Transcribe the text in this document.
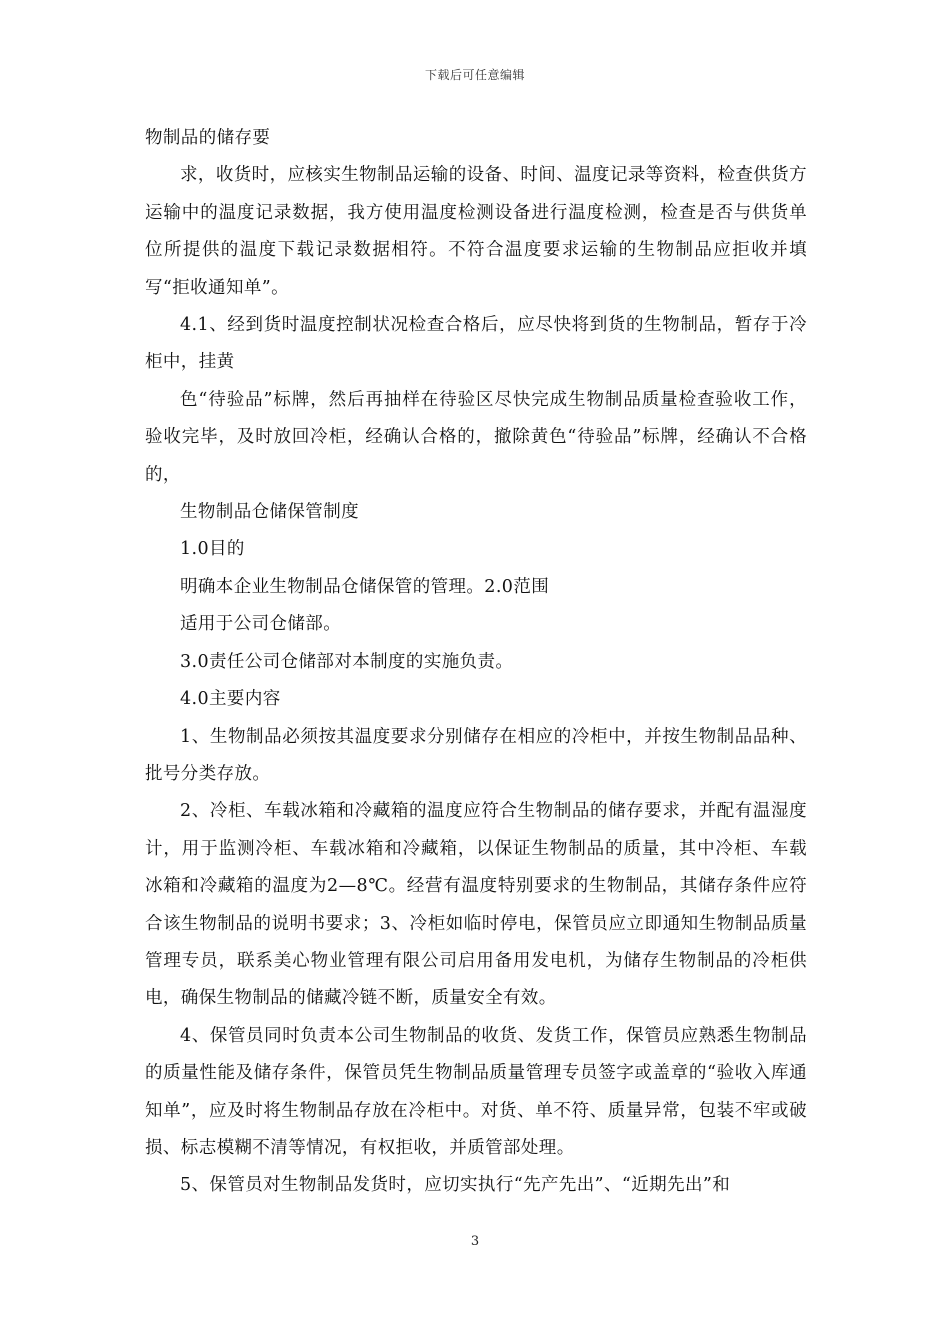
下载后可任意编辑

物制品的储存要

求，收货时，应核实生物制品运输的设备、时间、温度记录等资料，检查供货方运输中的温度记录数据，我方使用温度检测设备进行温度检测，检查是否与供货单位所提供的温度下载记录数据相符。不符合温度要求运输的生物制品应拒收并填写“拒收通知单”。

4.1、经到货时温度控制状况检查合格后，应尽快将到货的生物制品，暂存于冷柜中，挂黄

色“待验品”标牌，然后再抽样在待验区尽快完成生物制品质量检查验收工作，验收完毕，及时放回冷柜，经确认合格的，撤除黄色“待验品”标牌，经确认不合格的，

生物制品仓储保管制度

1.0目的

明确本企业生物制品仓储保管的管理。2.0范围

适用于公司仓储部。

3.0责任公司仓储部对本制度的实施负责。

4.0主要内容

1、生物制品必须按其温度要求分别储存在相应的冷柜中，并按生物制品品种、批号分类存放。

2、冷柜、车载冰箱和冷藏箱的温度应符合生物制品的储存要求，并配有温湿度计，用于监测冷柜、车载冰箱和冷藏箱，以保证生物制品的质量，其中冷柜、车载冰箱和冷藏箱的温度为2—8℃。经营有温度特别要求的生物制品，其储存条件应符合该生物制品的说明书要求；3、冷柜如临时停电，保管员应立即通知生物制品质量管理专员，联系美心物业管理有限公司启用备用发电机，为储存生物制品的冷柜供电，确保生物制品的储藏冷链不断，质量安全有效。

4、保管员同时负责本公司生物制品的收货、发货工作，保管员应熟悉生物制品的质量性能及储存条件，保管员凭生物制品质量管理专员签字或盖章的“验收入库通知单”，应及时将生物制品存放在冷柜中。对货、单不符、质量异常，包装不牢或破损、标志模糊不清等情况，有权拒收，并质管部处理。

5、保管员对生物制品发货时，应切实执行“先产先出”、“近期先出”和

3
